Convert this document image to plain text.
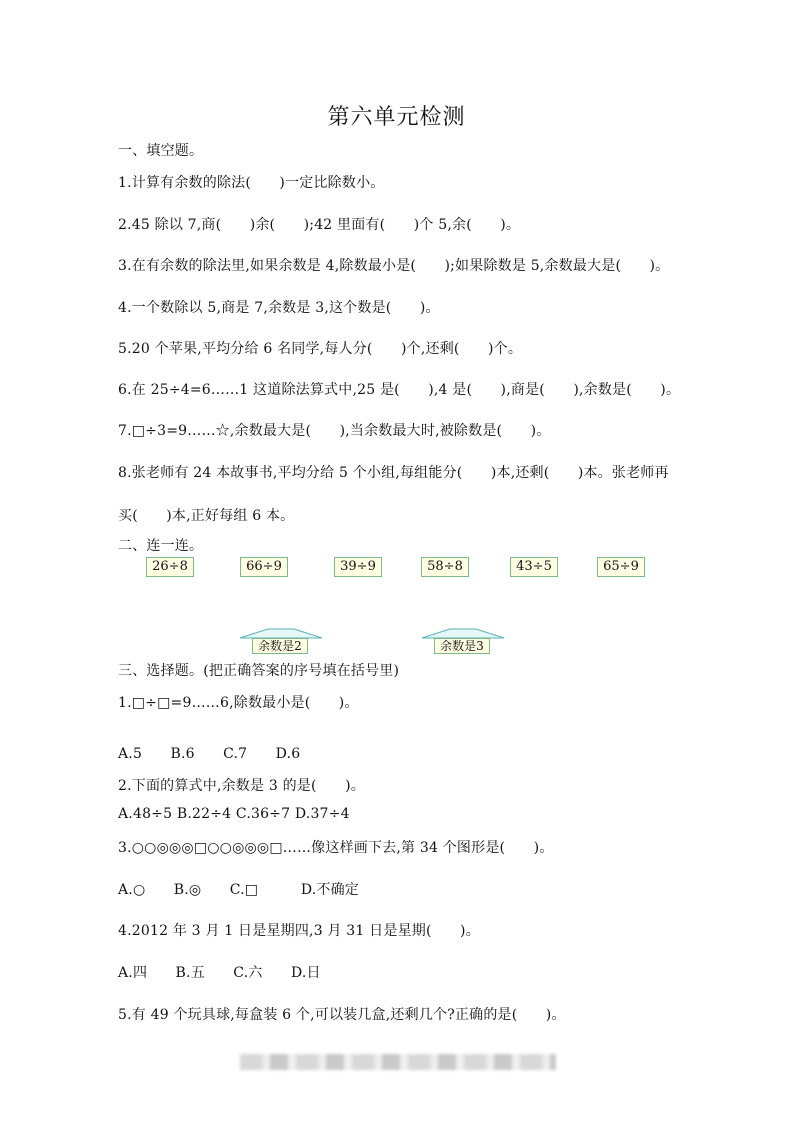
第六单元检测
一、填空题。
1.计算有余数的除法(　　)一定比除数小。
2.45 除以 7,商(　　)余(　　);42 里面有(　　)个 5,余(　　)。
3.在有余数的除法里,如果余数是 4,除数最小是(　　);如果除数是 5,余数最大是(　　)。
4.一个数除以 5,商是 7,余数是 3,这个数是(　　)。
5.20 个苹果,平均分给 6 名同学,每人分(　　)个,还剩(　　)个。
6.在 25÷4=6……1 这道除法算式中,25 是(　　),4 是(　　),商是(　　),余数是(　　)。
7.□÷3=9……☆,余数最大是(　　),当余数最大时,被除数是(　　)。
8.张老师有 24 本故事书,平均分给 5 个小组,每组能分(　　)本,还剩(　　)本。张老师再
买(　　)本,正好每组 6 本。
二、连一连。
26÷8	66÷9	39÷9	58÷8	43÷5	65÷9
余数是2	余数是3
三、选择题。(把正确答案的序号填在括号里)
1.□÷□=9……6,除数最小是(　　)。
A.5　　B.6　　C.7　　D.6
2.下面的算式中,余数是 3 的是(　　)。
A.48÷5 B.22÷4 C.36÷7 D.37÷4
3.○○◎◎◎□○○◎◎◎□……像这样画下去,第 34 个图形是(　　)。
A.○　　B.◎　　C.□　　　D.不确定
4.2012 年 3 月 1 日是星期四,3 月 31 日是星期(　　)。
A.四　　B.五　　C.六　　D.日
5.有 49 个玩具球,每盒装 6 个,可以装几盒,还剩几个?正确的是(　　)。
